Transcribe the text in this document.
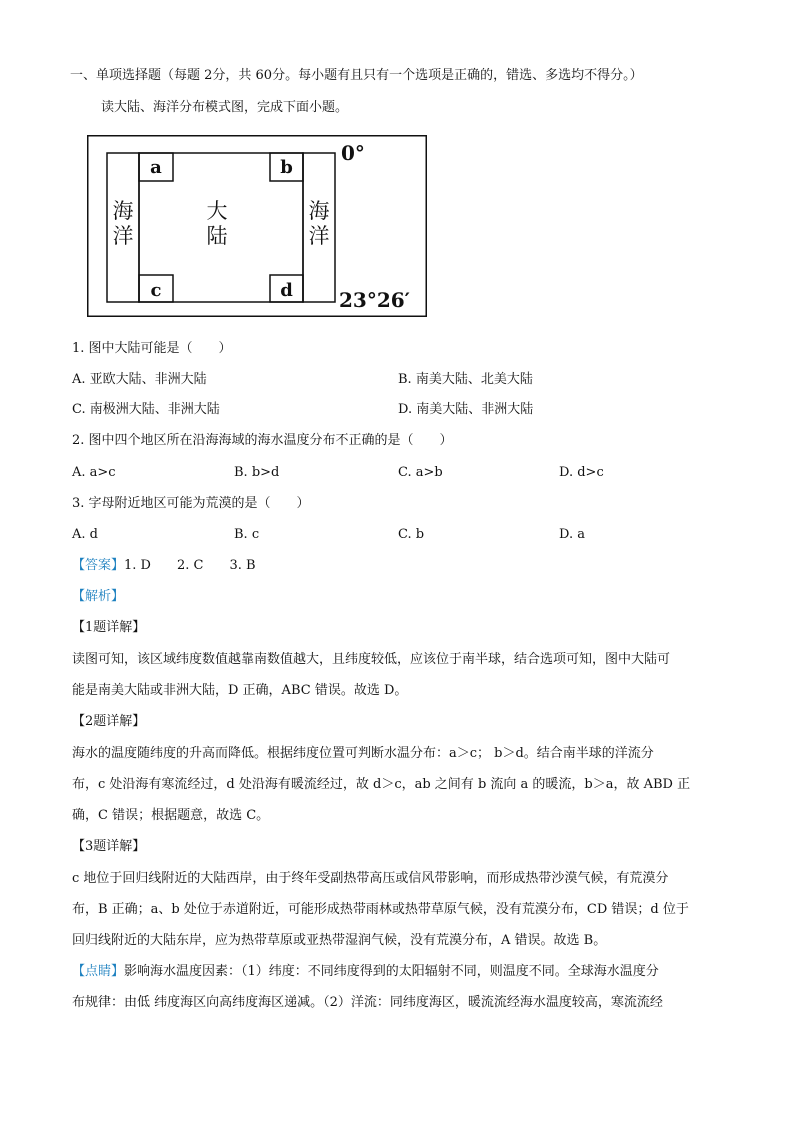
一、单项选择题（每题 2分，共 60分。每小题有且只有一个选项是正确的，错选、多选均不得分。）
读大陆、海洋分布模式图，完成下面小题。
a	b
c	d
海
洋
大
陆
海
洋
0°
23°26′
1. 图中大陆可能是（　　）
A. 亚欧大陆、非洲大陆	B. 南美大陆、北美大陆
C. 南极洲大陆、非洲大陆	D. 南美大陆、非洲大陆
2. 图中四个地区所在沿海海域的海水温度分布不正确的是（　　）
A. a>c	B. b>d	C. a>b	D. d>c
3. 字母附近地区可能为荒漠的是（　　）
A. d	B. c	C. b	D. a
【答案】1. D　　2. C　　3. B
【解析】
【1题详解】
读图可知，该区域纬度数值越靠南数值越大，且纬度较低，应该位于南半球，结合选项可知，图中大陆可
能是南美大陆或非洲大陆，D 正确，ABC 错误。故选 D。
【2题详解】
海水的温度随纬度的升高而降低。根据纬度位置可判断水温分布：a＞c； b＞d。结合南半球的洋流分
布，c 处沿海有寒流经过，d 处沿海有暖流经过，故 d＞c，ab 之间有 b 流向 a 的暖流，b＞a，故 ABD 正
确，C 错误；根据题意，故选 C。
【3题详解】
c 地位于回归线附近的大陆西岸，由于终年受副热带高压或信风带影响，而形成热带沙漠气候，有荒漠分
布，B 正确；a、b 处位于赤道附近，可能形成热带雨林或热带草原气候，没有荒漠分布，CD 错误；d 位于
回归线附近的大陆东岸，应为热带草原或亚热带湿润气候，没有荒漠分布，A 错误。故选 B。
【点睛】影响海水温度因素：（1）纬度：不同纬度得到的太阳辐射不同，则温度不同。全球海水温度分
布规律：由低 纬度海区向高纬度海区递减。（2）洋流：同纬度海区，暖流流经海水温度较高，寒流流经
